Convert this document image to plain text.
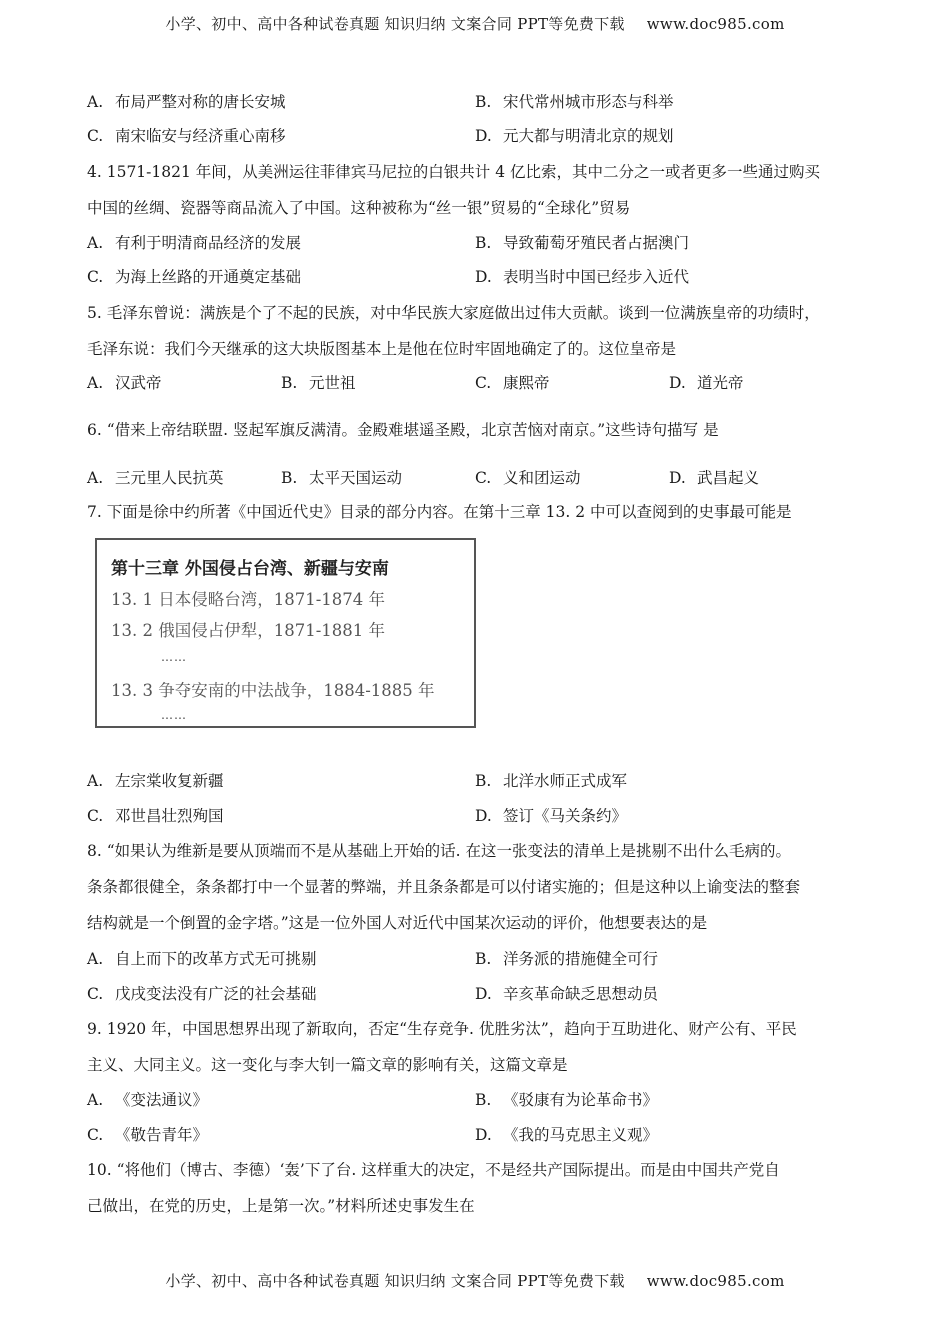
小学、初中、高中各种试卷真题 知识归纳 文案合同 PPT等免费下载 www.doc985.com
A. 布局严整对称的唐长安城	B. 宋代常州城市形态与科举
C. 南宋临安与经济重心南移	D. 元大都与明清北京的规划
4. 1571-1821 年间，从美洲运往菲律宾马尼拉的白银共计 4 亿比索，其中二分之一或者更多一些通过购买
中国的丝绸、瓷器等商品流入了中国。这种被称为“丝一银”贸易的“全球化”贸易
A. 有利于明清商品经济的发展	B. 导致葡萄牙殖民者占据澳门
C. 为海上丝路的开通奠定基础	D. 表明当时中国已经步入近代
5. 毛泽东曾说：满族是个了不起的民族，对中华民族大家庭做出过伟大贡献。谈到一位满族皇帝的功绩时，
毛泽东说：我们今天继承的这大块版图基本上是他在位时牢固地确定了的。这位皇帝是
A. 汉武帝	B. 元世祖	C. 康熙帝	D. 道光帝
6. “借来上帝结联盟. 竖起军旗反满清。金殿难堪遥圣殿，北京苦恼对南京。”这些诗句描写 是
A. 三元里人民抗英	B. 太平天国运动	C. 义和团运动	D. 武昌起义
7. 下面是徐中约所著《中国近代史》目录的部分内容。在第十三章 13. 2 中可以查阅到的史事最可能是
第十三章 外国侵占台湾、新疆与安南
13. 1 日本侵略台湾，1871-1874 年
13. 2 俄国侵占伊犁，1871-1881 年
……
13. 3 争夺安南的中法战争，1884-1885 年
……
A. 左宗棠收复新疆	B. 北洋水师正式成军
C. 邓世昌壮烈殉国	D. 签订《马关条约》
8. “如果认为维新是要从顶端而不是从基础上开始的话. 在这一张变法的清单上是挑剔不出什么毛病的。
条条都很健全，条条都打中一个显著的弊端，并且条条都是可以付诸实施的；但是这种以上谕变法的整套
结构就是一个倒置的金字塔。”这是一位外国人对近代中国某次运动的评价，他想要表达的是
A. 自上而下的改革方式无可挑剔	B. 洋务派的措施健全可行
C. 戊戌变法没有广泛的社会基础	D. 辛亥革命缺乏思想动员
9. 1920 年，中国思想界出现了新取向，否定“生存竞争. 优胜劣汰”，趋向于互助进化、财产公有、平民
主义、大同主义。这一变化与李大钊一篇文章的影响有关，这篇文章是
A. 《变法通议》	B. 《驳康有为论革命书》
C. 《敬告青年》	D. 《我的马克思主义观》
10. “将他们（博古、李德）‘轰’下了台. 这样重大的决定，不是经共产国际提出。而是由中国共产党自
己做出，在党的历史，上是第一次。”材料所述史事发生在
小学、初中、高中各种试卷真题 知识归纳 文案合同 PPT等免费下载 www.doc985.com
